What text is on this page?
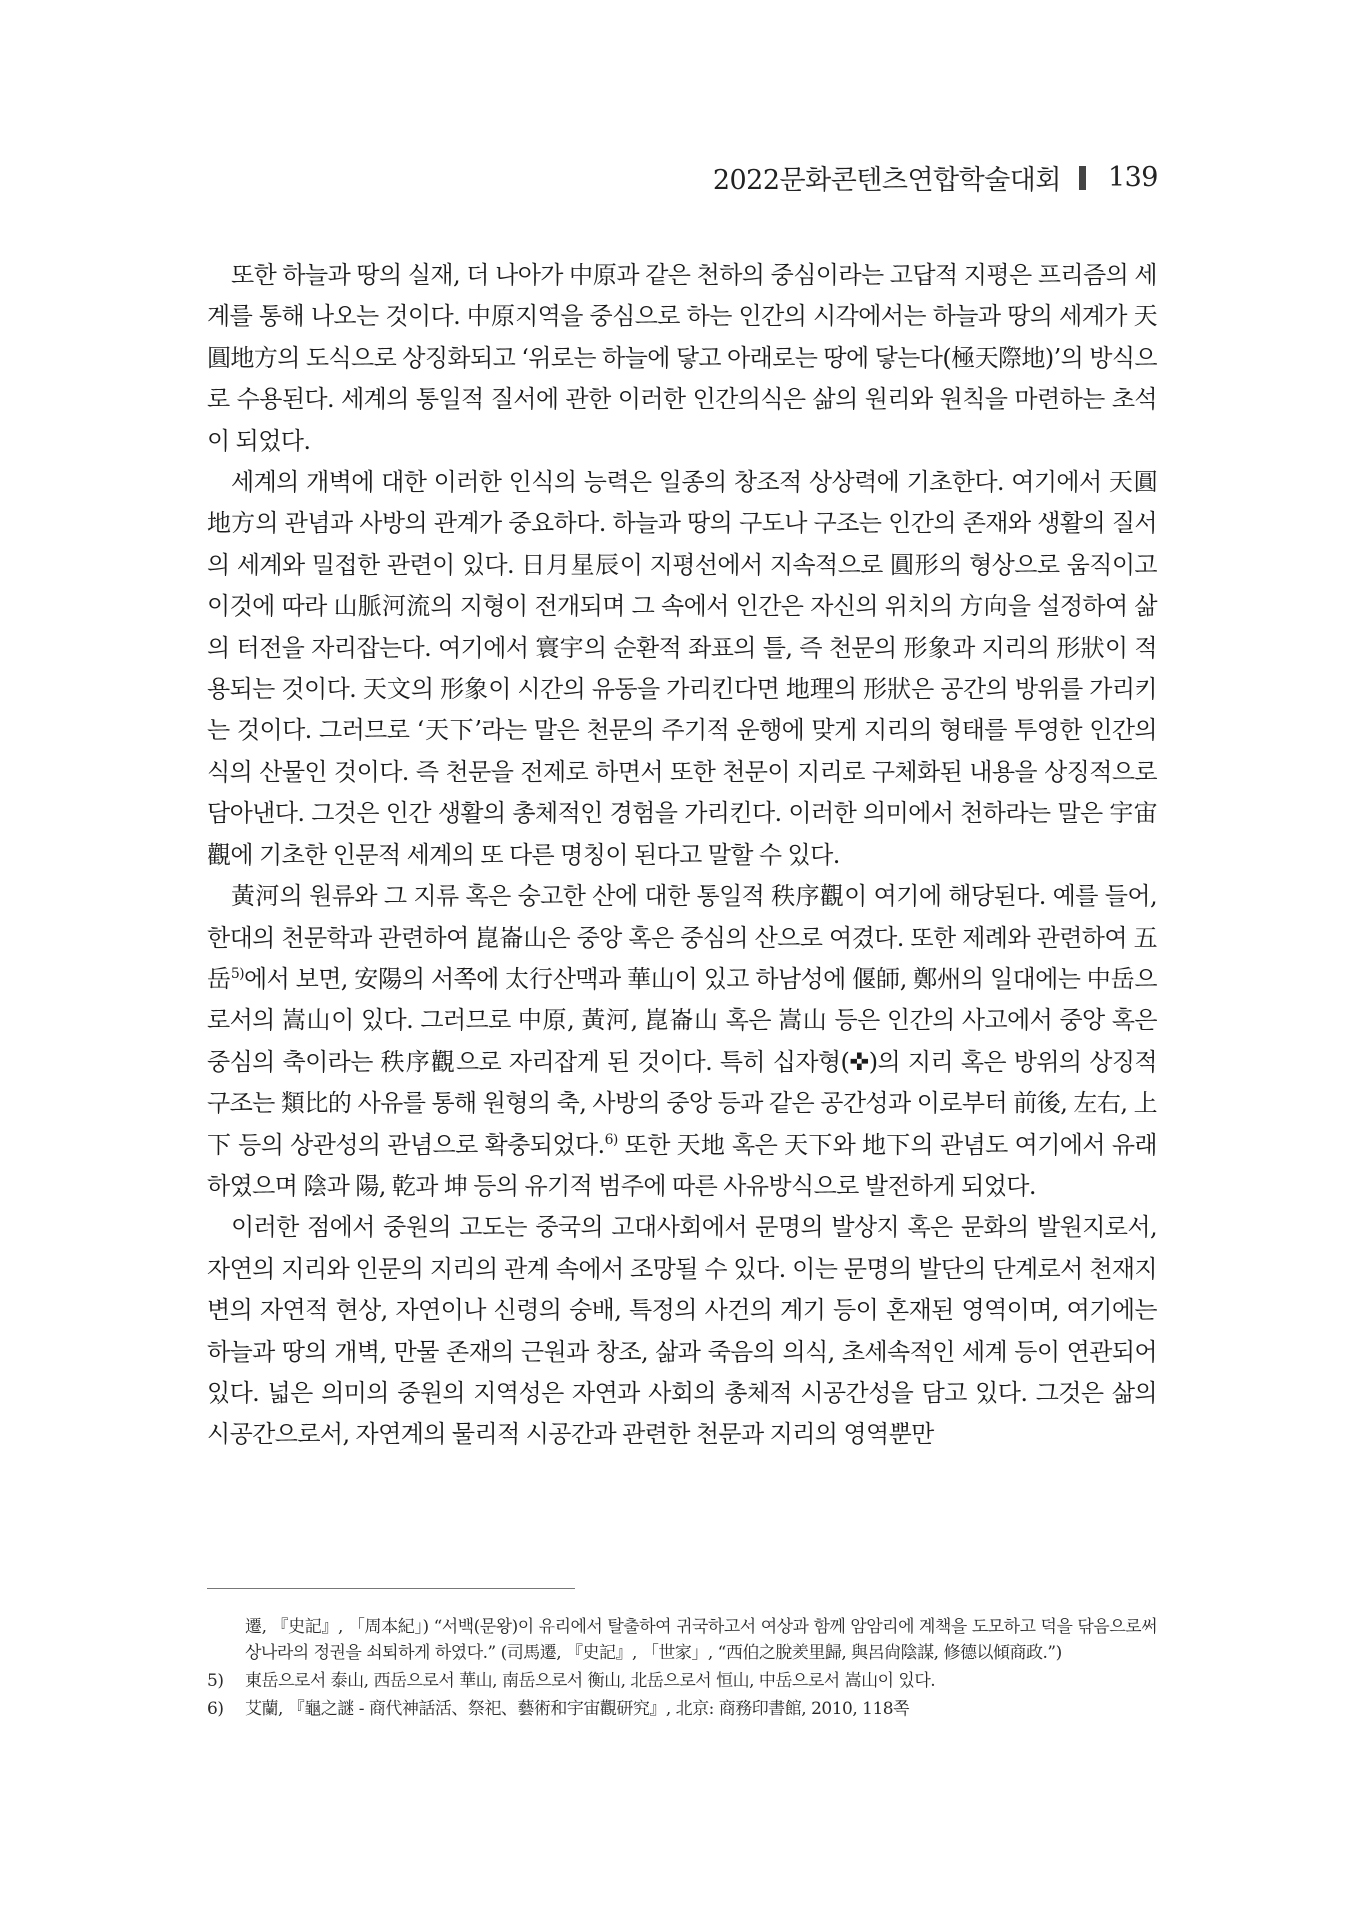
2022문화콘텐츠연합학술대회 139

또한 하늘과 땅의 실재, 더 나아가 中原과 같은 천하의 중심이라는 고답적 지평은 프리즘의 세계를 통해 나오는 것이다. 中原지역을 중심으로 하는 인간의 시각에서는 하늘과 땅의 세계가 天圓地方의 도식으로 상징화되고 ‘위로는 하늘에 닿고 아래로는 땅에 닿는다(極天際地)’의 방식으로 수용된다. 세계의 통일적 질서에 관한 이러한 인간의식은 삶의 원리와 원칙을 마련하는 초석이 되었다.

세계의 개벽에 대한 이러한 인식의 능력은 일종의 창조적 상상력에 기초한다. 여기에서 天圓地方의 관념과 사방의 관계가 중요하다. 하늘과 땅의 구도나 구조는 인간의 존재와 생활의 질서의 세계와 밀접한 관련이 있다. 日月星辰이 지평선에서 지속적으로 圓形의 형상으로 움직이고 이것에 따라 山脈河流의 지형이 전개되며 그 속에서 인간은 자신의 위치의 方向을 설정하여 삶의 터전을 자리잡는다. 여기에서 寰宇의 순환적 좌표의 틀, 즉 천문의 形象과 지리의 形狀이 적용되는 것이다. 天文의 形象이 시간의 유동을 가리킨다면 地理의 形狀은 공간의 방위를 가리키는 것이다. 그러므로 ‘天下’라는 말은 천문의 주기적 운행에 맞게 지리의 형태를 투영한 인간의식의 산물인 것이다. 즉 천문을 전제로 하면서 또한 천문이 지리로 구체화된 내용을 상징적으로 담아낸다. 그것은 인간 생활의 총체적인 경험을 가리킨다. 이러한 의미에서 천하라는 말은 宇宙觀에 기초한 인문적 세계의 또 다른 명칭이 된다고 말할 수 있다.

黃河의 원류와 그 지류 혹은 숭고한 산에 대한 통일적 秩序觀이 여기에 해당된다. 예를 들어, 한대의 천문학과 관련하여 崑崙山은 중앙 혹은 중심의 산으로 여겼다. 또한 제례와 관련하여 五岳$^{5)}$에서 보면, 安陽의 서쪽에 太行산맥과 華山이 있고 하남성에 偃師, 鄭州의 일대에는 中岳으로서의 嵩山이 있다. 그러므로 中原, 黃河, 崑崙山 혹은 嵩山 등은 인간의 사고에서 중앙 혹은 중심의 축이라는 秩序觀으로 자리잡게 된 것이다. 특히 십자형(✜)의 지리 혹은 방위의 상징적 구조는 類比的 사유를 통해 원형의 축, 사방의 중앙 등과 같은 공간성과 이로부터 前後, 左右, 上下 등의 상관성의 관념으로 확충되었다.$^{6)}$ 또한 天地 혹은 天下와 地下의 관념도 여기에서 유래하였으며 陰과 陽, 乾과 坤 등의 유기적 범주에 따른 사유방식으로 발전하게 되었다.

이러한 점에서 중원의 고도는 중국의 고대사회에서 문명의 발상지 혹은 문화의 발원지로서, 자연의 지리와 인문의 지리의 관계 속에서 조망될 수 있다. 이는 문명의 발단의 단계로서 천재지변의 자연적 현상, 자연이나 신령의 숭배, 특정의 사건의 계기 등이 혼재된 영역이며, 여기에는 하늘과 땅의 개벽, 만물 존재의 근원과 창조, 삶과 죽음의 의식, 초세속적인 세계 등이 연관되어 있다. 넓은 의미의 중원의 지역성은 자연과 사회의 총체적 시공간성을 담고 있다. 그것은 삶의 시공간으로서, 자연계의 물리적 시공간과 관련한 천문과 지리의 영역뿐만

遷, 『史記』, 「周本紀」) “서백(문왕)이 유리에서 탈출하여 귀국하고서 여상과 함께 암암리에 계책을 도모하고 덕을 닦음으로써 상나라의 정권을 쇠퇴하게 하였다.” (司馬遷, 『史記』, 「世家」, “西伯之脫羑里歸, 與呂尙陰謀, 修德以傾商政.”)

5)	東岳으로서 泰山, 西岳으로서 華山, 南岳으로서 衡山, 北岳으로서 恒山, 中岳으로서 嵩山이 있다.
6)	艾蘭, 『龜之謎 - 商代神話活、祭祀、藝術和宇宙觀研究』, 北京: 商務印書館, 2010, 118쪽
